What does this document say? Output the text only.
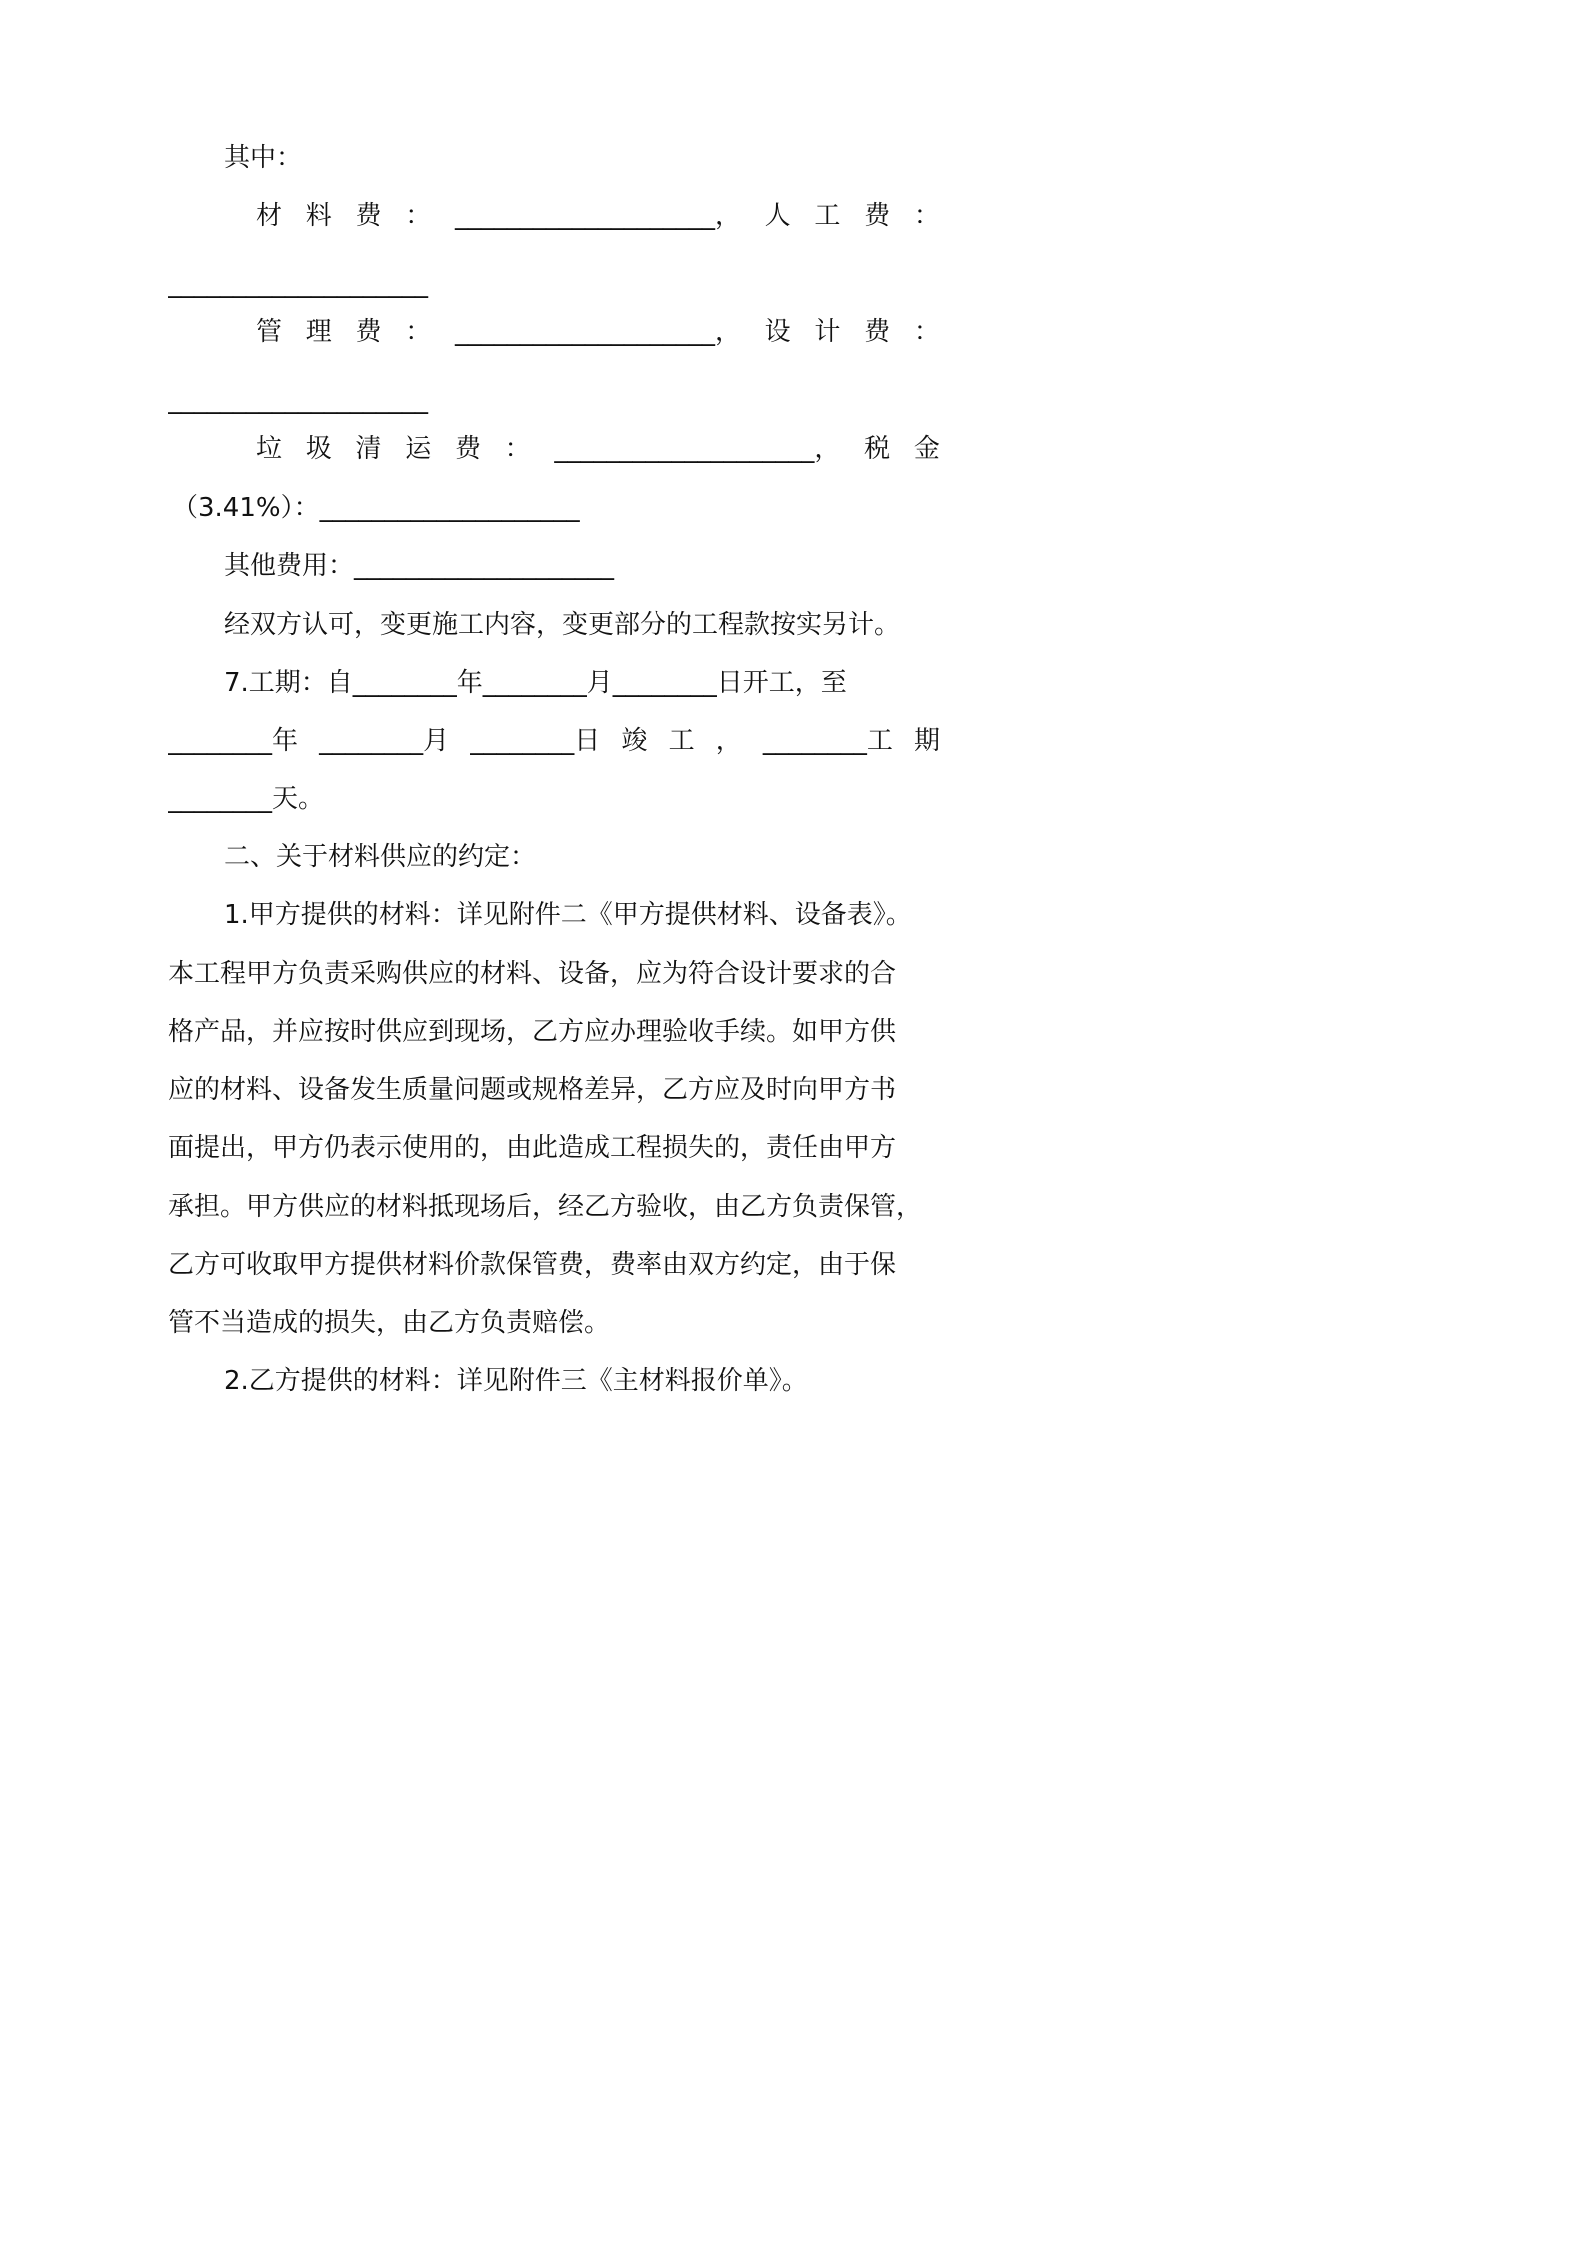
其中：
材 料 费 ： ____________________， 人 工 费 ：
____________________
管 理 费 ： ____________________， 设 计 费 ：
____________________
垃 圾 清 运 费 ： ____________________， 税 金
（3.41%）：____________________
其他费用：____________________
经双方认可，变更施工内容，变更部分的工程款按实另计。
7.工期：自________年________月________日开工，至
________年 ________月 ________日 竣 工 ， ________工 期
________天。
二、关于材料供应的约定：
1.甲方提供的材料：详见附件二《甲方提供材料、设备表》。
本工程甲方负责采购供应的材料、设备，应为符合设计要求的合
格产品，并应按时供应到现场，乙方应办理验收手续。如甲方供
应的材料、设备发生质量问题或规格差异，乙方应及时向甲方书
面提出，甲方仍表示使用的，由此造成工程损失的，责任由甲方
承担。甲方供应的材料抵现场后，经乙方验收，由乙方负责保管，
乙方可收取甲方提供材料价款保管费，费率由双方约定，由于保
管不当造成的损失，由乙方负责赔偿。
2.乙方提供的材料：详见附件三《主材料报价单》。
